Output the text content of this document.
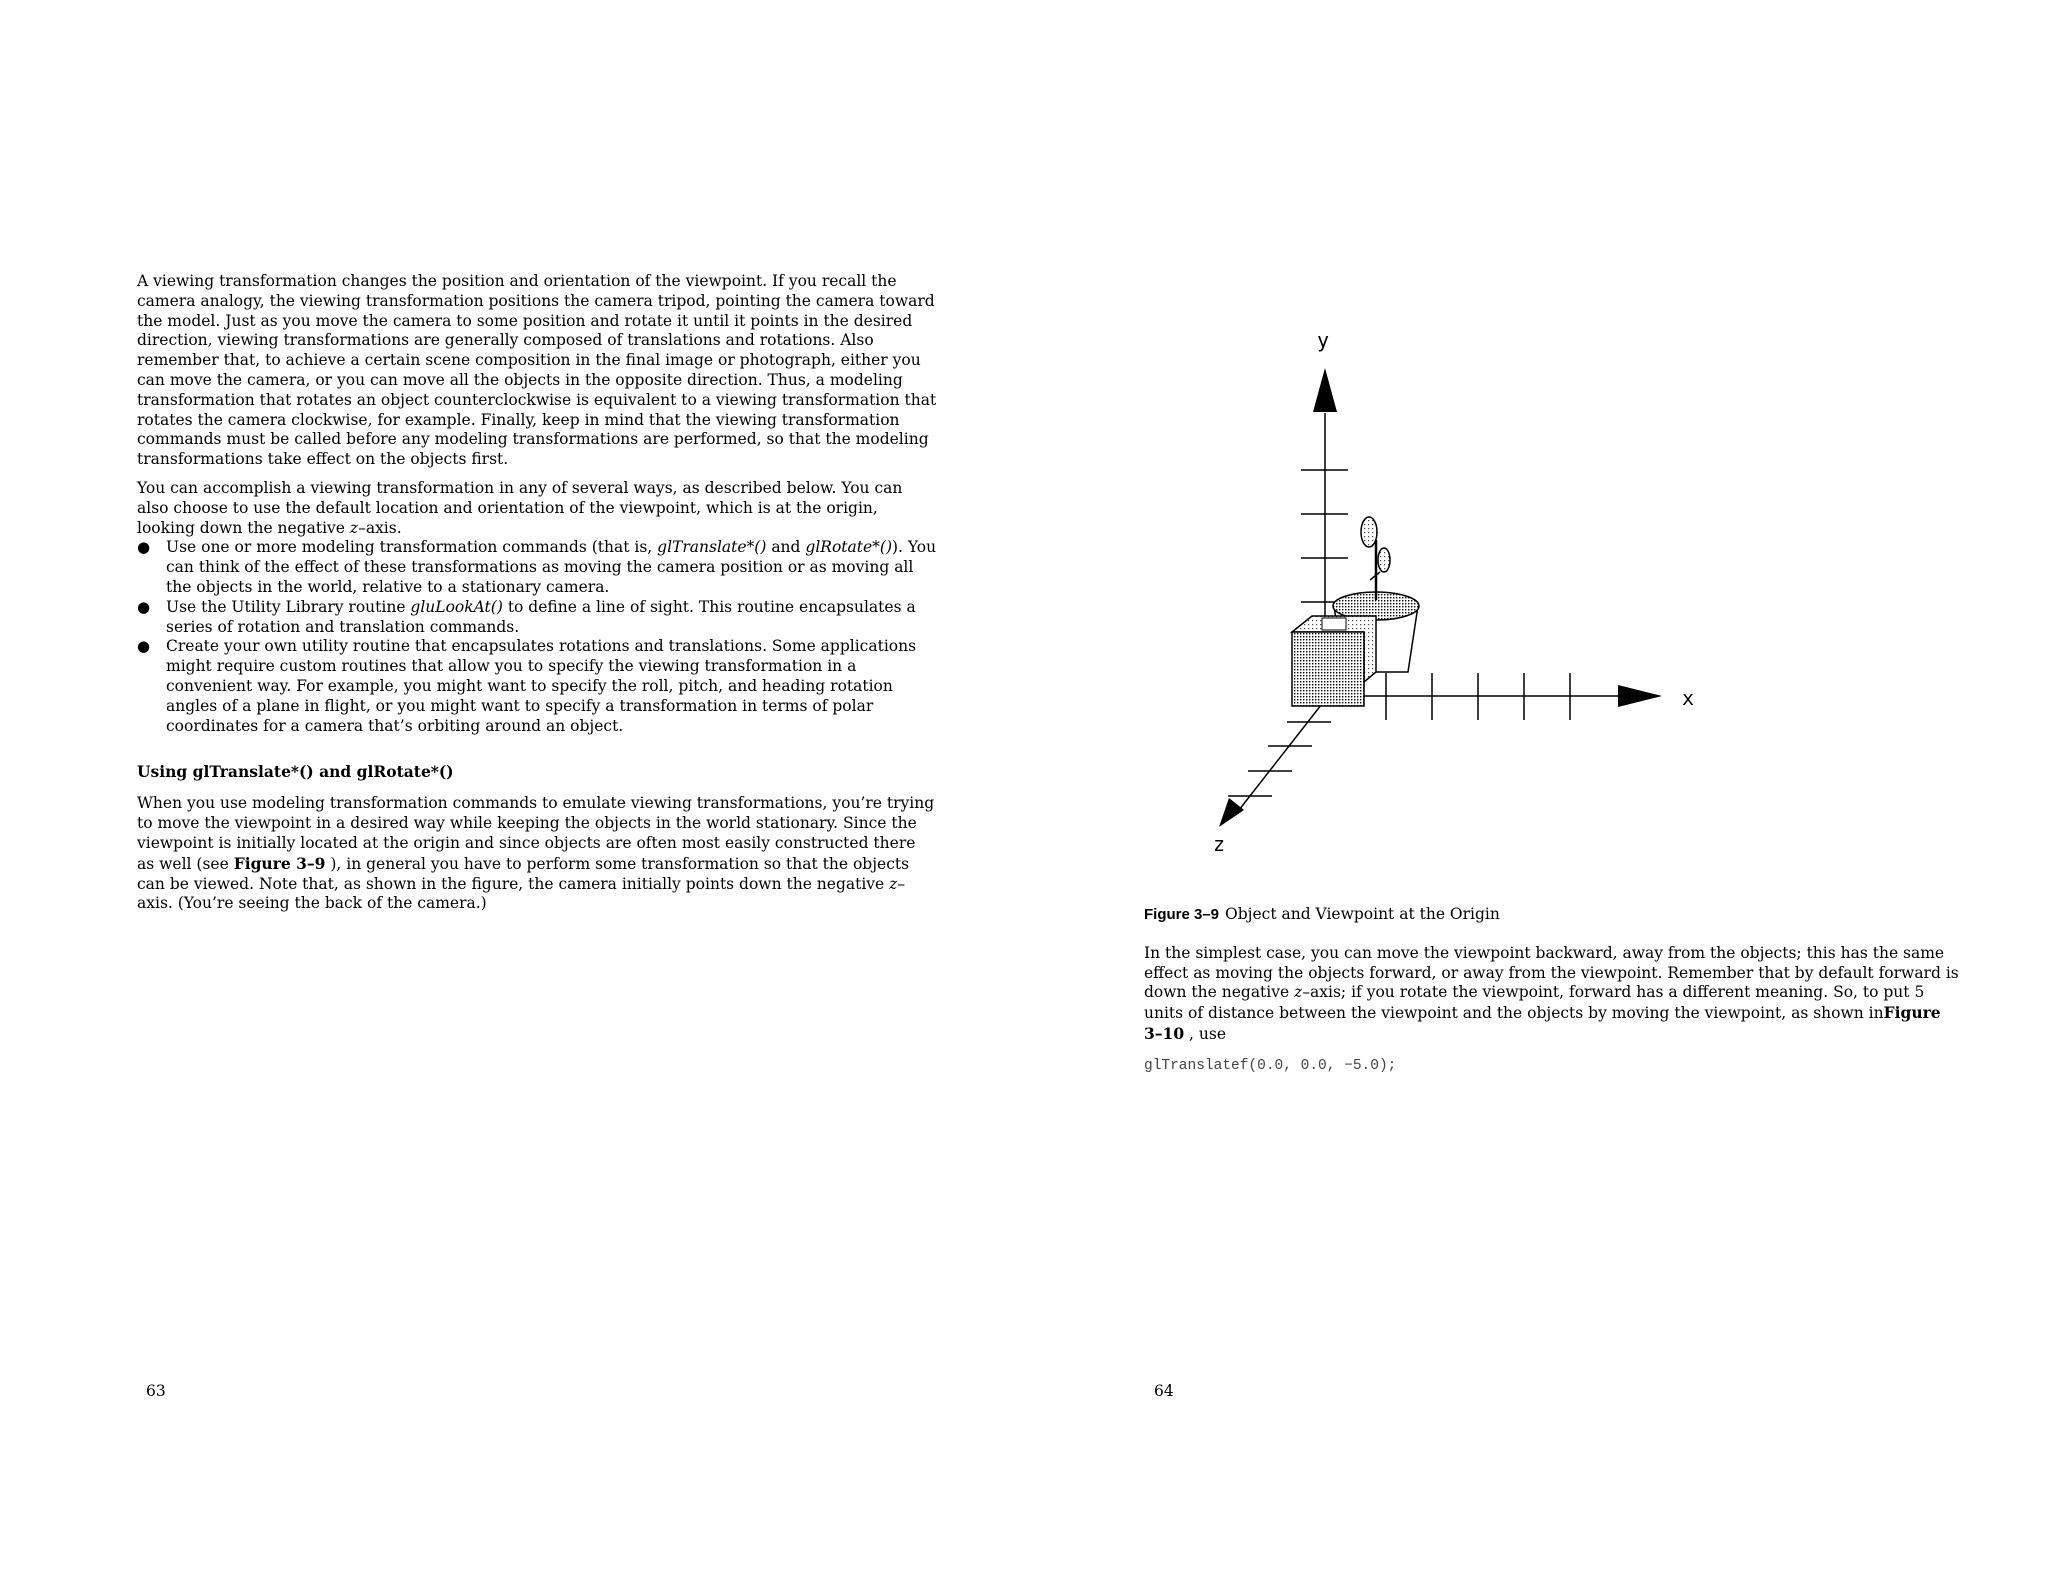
A viewing transformation changes the position and orientation of the viewpoint. If you recall the camera analogy, the viewing transformation positions the camera tripod, pointing the camera toward the model. Just as you move the camera to some position and rotate it until it points in the desired direction, viewing transformations are generally composed of translations and rotations. Also remember that, to achieve a certain scene composition in the final image or photograph, either you can move the camera, or you can move all the objects in the opposite direction. Thus, a modeling transformation that rotates an object counterclockwise is equivalent to a viewing transformation that rotates the camera clockwise, for example. Finally, keep in mind that the viewing transformation commands must be called before any modeling transformations are performed, so that the modeling transformations take effect on the objects first.

You can accomplish a viewing transformation in any of several ways, as described below. You can also choose to use the default location and orientation of the viewpoint, which is at the origin, looking down the negative z–axis.

● Use one or more modeling transformation commands (that is, glTranslate*() and glRotate*()). You can think of the effect of these transformations as moving the camera position or as moving all the objects in the world, relative to a stationary camera.
● Use the Utility Library routine gluLookAt() to define a line of sight. This routine encapsulates a series of rotation and translation commands.
● Create your own utility routine that encapsulates rotations and translations. Some applications might require custom routines that allow you to specify the viewing transformation in a convenient way. For example, you might want to specify the roll, pitch, and heading rotation angles of a plane in flight, or you might want to specify a transformation in terms of polar coordinates for a camera that’s orbiting around an object.
Using glTranslate*() and glRotate*()

When you use modeling transformation commands to emulate viewing transformations, you’re trying to move the viewpoint in a desired way while keeping the objects in the world stationary. Since the viewpoint is initially located at the origin and since objects are often most easily constructed there as well (see Figure 3–9 ), in general you have to perform some transformation so that the objects can be viewed. Note that, as shown in the figure, the camera initially points down the negative z–axis. (You’re seeing the back of the camera.)

63
y
x
z

Figure 3–9 Object and Viewpoint at the Origin

In the simplest case, you can move the viewpoint backward, away from the objects; this has the same effect as moving the objects forward, or away from the viewpoint. Remember that by default forward is down the negative z–axis; if you rotate the viewpoint, forward has a different meaning. So, to put 5 units of distance between the viewpoint and the objects by moving the viewpoint, as shown inFigure 3–10 , use

glTranslatef(0.0, 0.0, −5.0);
64
